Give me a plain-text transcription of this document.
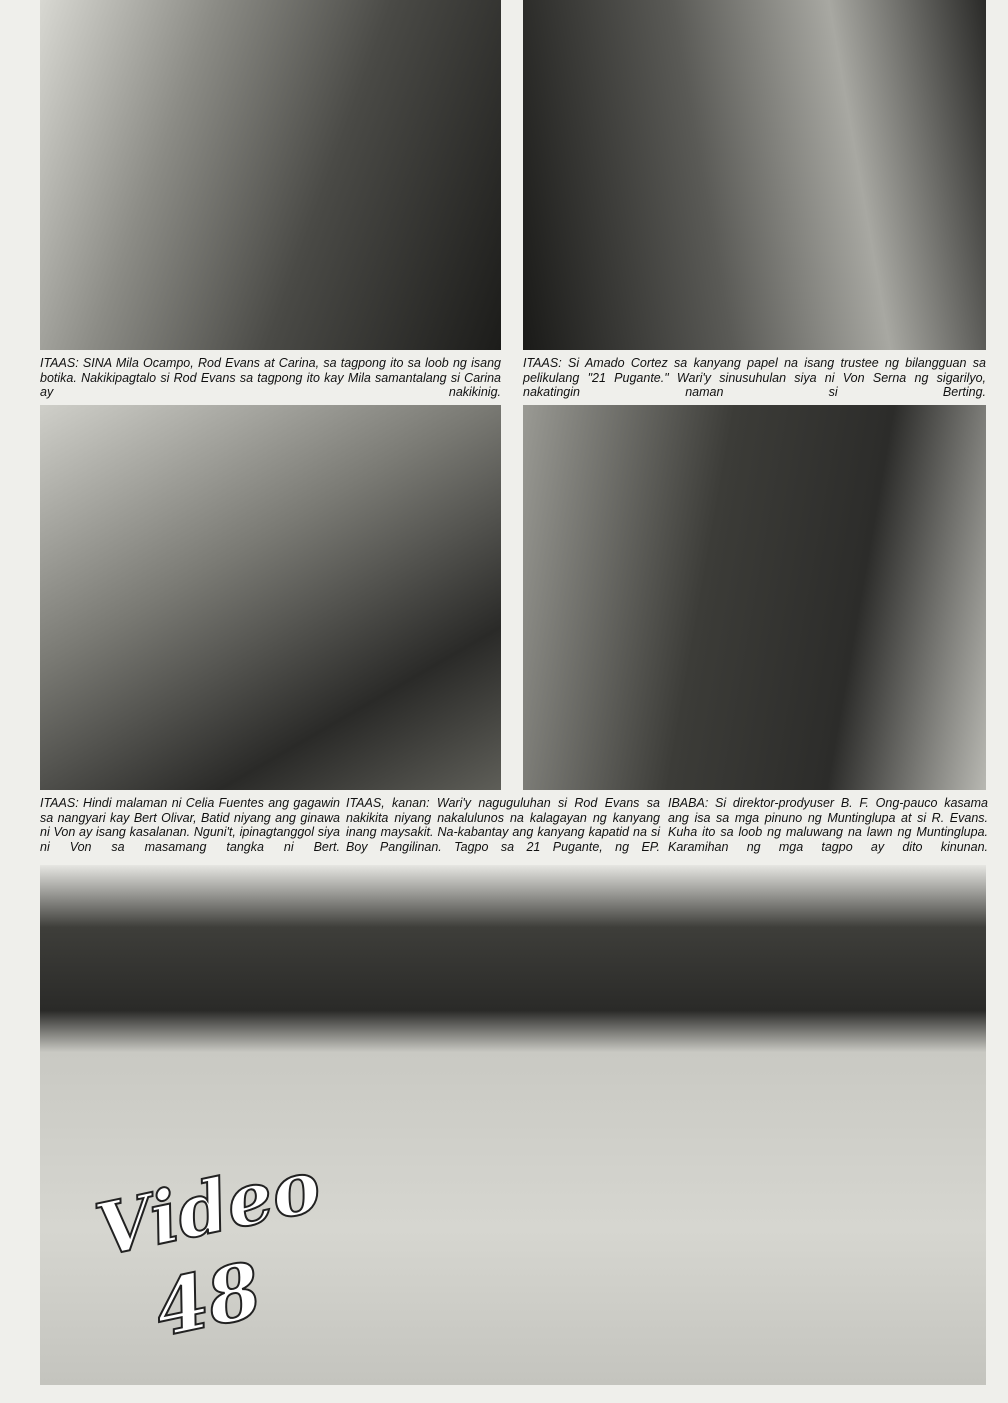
ITAAS: SINA Mila Ocampo, Rod Evans at Carina, sa tagpong ito sa loob ng isang botika. Nakikipagtalo si Rod Evans sa tagpong ito kay Mila samantalang si Carina ay nakikinig.

ITAAS: Si Amado Cortez sa kanyang papel na isang trustee ng bilangguan sa pelikulang "21 Pugante." Wari'y sinusuhulan siya ni Von Serna ng sigarilyo, nakatingin naman si Berting.

ITAAS: Hindi malaman ni Celia Fuentes ang gagawin sa nangyari kay Bert Olivar, Batid niyang ang ginawa ni Von ay isang kasalanan. Nguni't, ipinagtanggol siya ni Von sa masamang tangka ni Bert.

ITAAS, kanan: Wari'y naguguluhan si Rod Evans sa nakikita niyang nakalulunos na kalagayan ng kanyang inang maysakit. Na-kabantay ang kanyang kapatid na si Boy Pangilinan. Tagpo sa 21 Pugante, ng EP.

IBABA: Si direktor-prodyuser B. F. Ong-pauco kasama ang isa sa mga pinuno ng Muntinglupa at si R. Evans. Kuha ito sa loob ng maluwang na lawn ng Muntinglupa. Karamihan ng mga tagpo ay dito kinunan.

Video
48
